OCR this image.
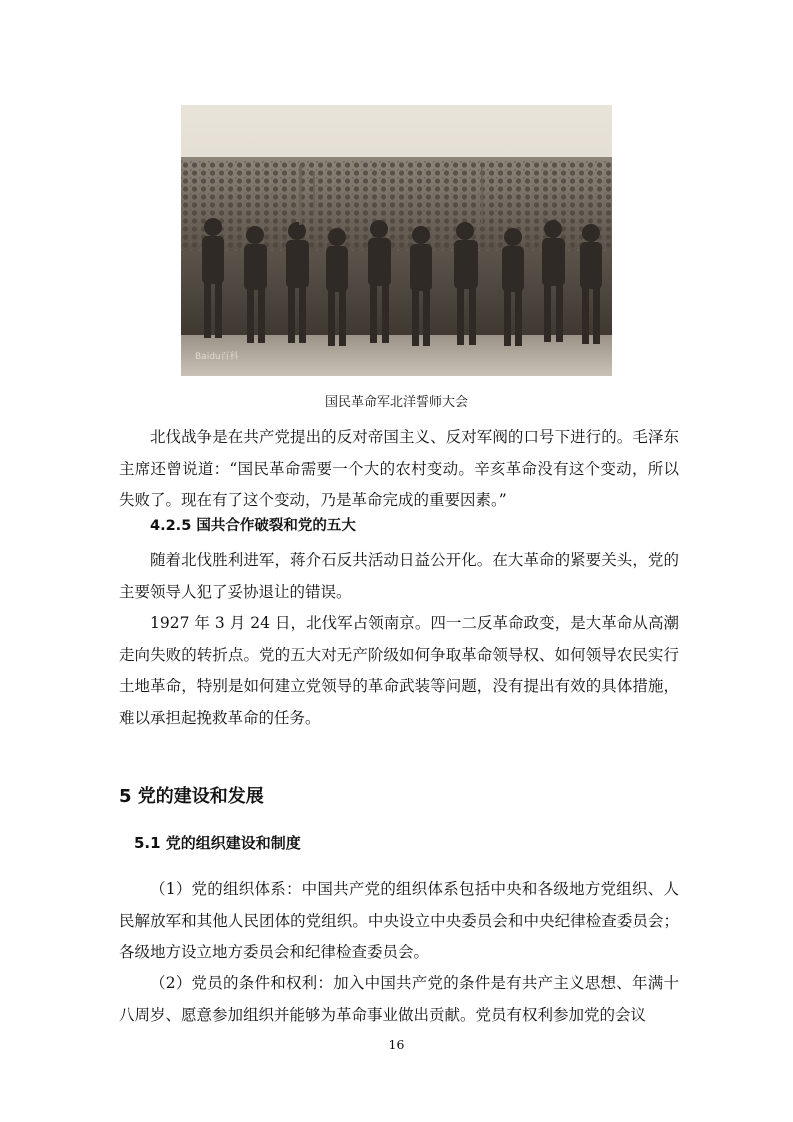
Baidu百科
国民革命军北洋誓师大会

北伐战争是在共产党提出的反对帝国主义、反对军阀的口号下进行的。毛泽东主席还曾说道：“国民革命需要一个大的农村变动。辛亥革命没有这个变动，所以失败了。现在有了这个变动，乃是革命完成的重要因素。”

4.2.5 国共合作破裂和党的五大

随着北伐胜利进军，蒋介石反共活动日益公开化。在大革命的紧要关头，党的主要领导人犯了妥协退让的错误。

1927 年 3 月 24 日，北伐军占领南京。四一二反革命政变，是大革命从高潮走向失败的转折点。党的五大对无产阶级如何争取革命领导权、如何领导农民实行土地革命，特别是如何建立党领导的革命武装等问题，没有提出有效的具体措施，难以承担起挽救革命的任务。

5 党的建设和发展
5.1 党的组织建设和制度

（1）党的组织体系：中国共产党的组织体系包括中央和各级地方党组织、人民解放军和其他人民团体的党组织。中央设立中央委员会和中央纪律检查委员会；各级地方设立地方委员会和纪律检查委员会。

（2）党员的条件和权利：加入中国共产党的条件是有共产主义思想、年满十八周岁、愿意参加组织并能够为革命事业做出贡献。党员有权利参加党的会议

16
